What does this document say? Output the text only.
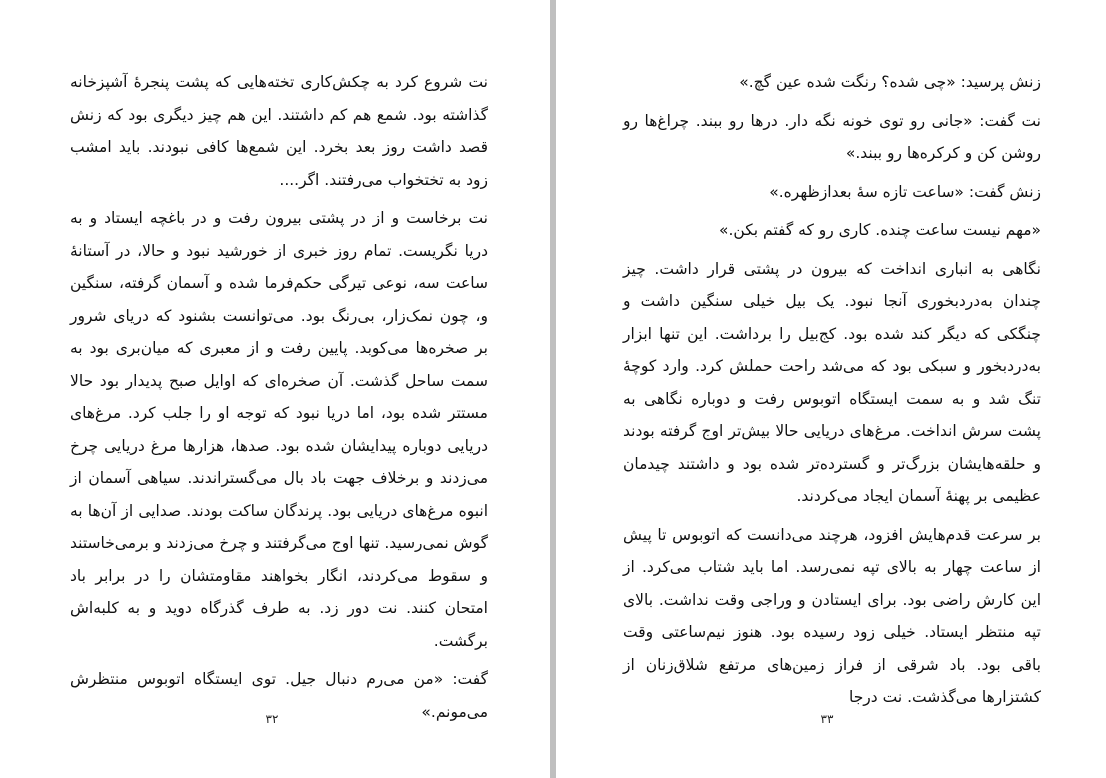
نت شروع کرد به چکش‌کاری تخته‌هایی که پشت پنجرهٔ آشپزخانه گذاشته بود. شمع هم کم داشتند. این هم چیز دیگری بود که زنش قصد داشت روز بعد بخرد. این شمع‌ها کافی نبودند. باید امشب زود به تختخواب می‌رفتند. اگر....

نت برخاست و از در پشتی بیرون رفت و در باغچه ایستاد و به دریا نگریست. تمام روز خبری از خورشید نبود و حالا، در آستانهٔ ساعت سه، نوعی تیرگی حکم‌فرما شده و آسمان گرفته، سنگین و، چون نمک‌زار، بی‌رنگ بود. می‌توانست بشنود که دریای شرور بر صخره‌ها می‌کوبد. پایین رفت و از معبری که میان‌بری بود به سمت ساحل گذشت. آن صخره‌ای که اوایل صبح پدیدار بود حالا مستتر شده بود، اما دریا نبود که توجه او را جلب کرد. مرغ‌های دریایی دوباره پیدایشان شده بود. صدها، هزارها مرغ دریایی چرخ می‌زدند و برخلاف جهت باد بال می‌گستراندند. سیاهی آسمان از انبوه مرغ‌های دریایی بود. پرندگان ساکت بودند. صدایی از آن‌ها به گوش نمی‌رسید. تنها اوج می‌گرفتند و چرخ می‌زدند و برمی‌خاستند و سقوط می‌کردند، انگار بخواهند مقاومتشان را در برابر باد امتحان کنند. نت دور زد. به طرف گذرگاه دوید و به کلبه‌اش برگشت.

گفت: «من می‌رم دنبال جیل. توی ایستگاه اتوبوس منتظرش می‌مونم.»

۳۲

زنش پرسید: «چی شده؟ رنگت شده عین گچ.»

نت گفت: «جانی رو توی خونه نگه دار. درها رو ببند. چراغ‌ها رو روشن کن و کرکره‌ها رو ببند.»

زنش گفت: «ساعت تازه سهٔ بعدازظهره.»

«مهم نیست ساعت چنده. کاری رو که گفتم بکن.»

نگاهی به انباری انداخت که بیرون در پشتی قرار داشت. چیز چندان به‌دردبخوری آنجا نبود. یک بیل خیلی سنگین داشت و چنگکی که دیگر کند شده بود. کج‌بیل را برداشت. این تنها ابزار به‌دردبخور و سبکی بود که می‌شد راحت حملش کرد. وارد کوچهٔ تنگ شد و به سمت ایستگاه اتوبوس رفت و دوباره نگاهی به پشت سرش انداخت. مرغ‌های دریایی حالا بیش‌تر اوج گرفته بودند و حلقه‌هایشان بزرگ‌تر و گسترده‌تر شده بود و داشتند چیدمان عظیمی بر پهنهٔ آسمان ایجاد می‌کردند.

بر سرعت قدم‌هایش افزود، هرچند می‌دانست که اتوبوس تا پیش از ساعت چهار به بالای تپه نمی‌رسد. اما باید شتاب می‌کرد. از این کارش راضی بود. برای ایستادن و وراجی وقت نداشت. بالای تپه منتظر ایستاد. خیلی زود رسیده بود. هنوز نیم‌ساعتی وقت باقی بود. باد شرقی از فراز زمین‌های مرتفع شلاق‌زنان از کشتزارها می‌گذشت. نت درجا

۳۳
